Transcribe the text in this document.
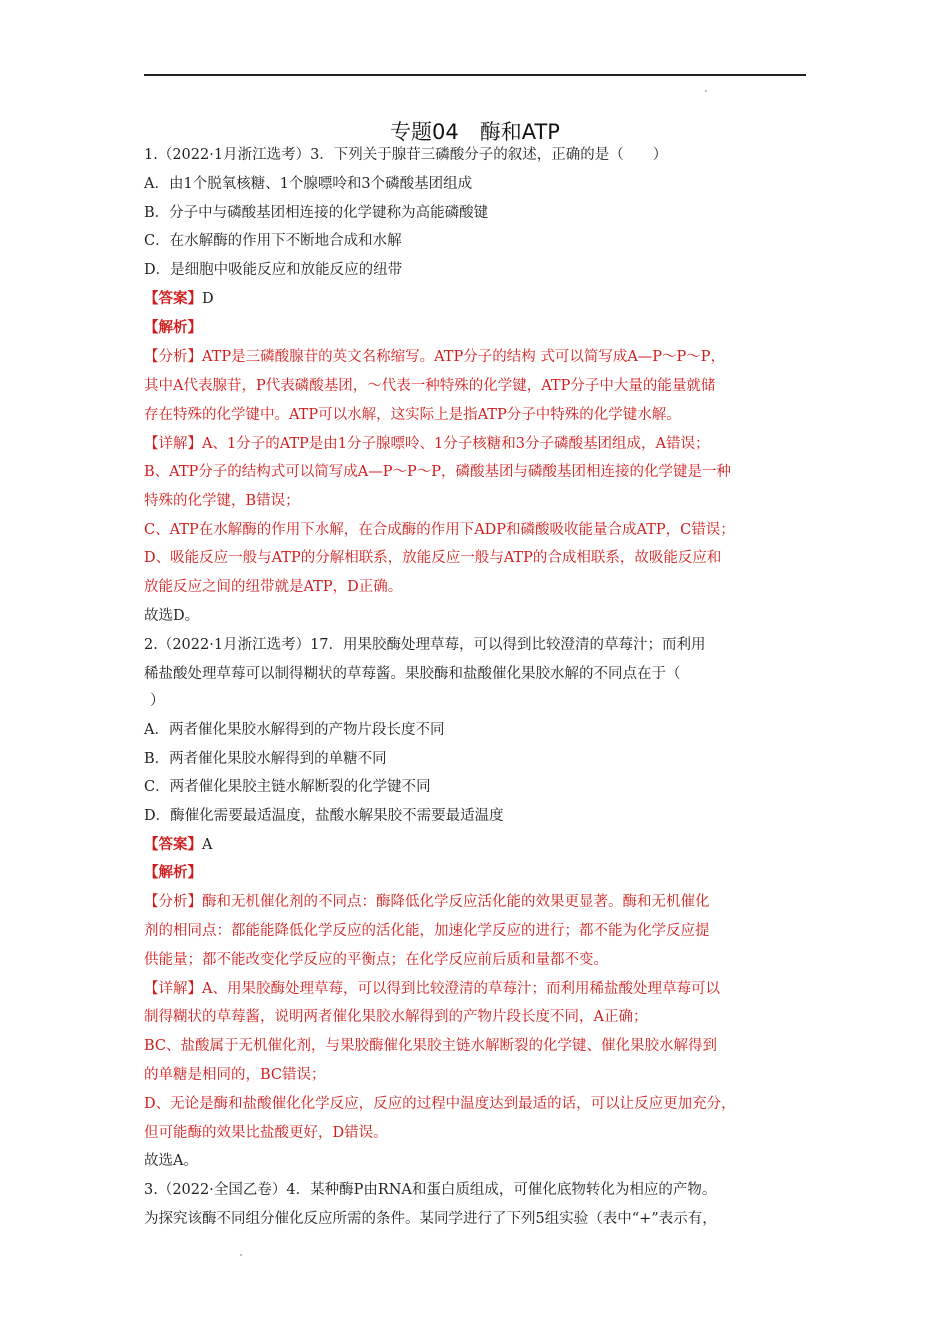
专题04　酶和ATP
1.（2022·1月浙江选考）3．下列关于腺苷三磷酸分子的叙述，正确的是（　　）
A．由1个脱氧核糖、1个腺嘌呤和3个磷酸基团组成
B．分子中与磷酸基团相连接的化学键称为高能磷酸键
C．在水解酶的作用下不断地合成和水解
D．是细胞中吸能反应和放能反应的纽带
【答案】D
【解析】
【分析】ATP是三磷酸腺苷的英文名称缩写。ATP分子的结构 式可以简写成A—P～P～P，
其中A代表腺苷，P代表磷酸基团，～代表一种特殊的化学键，ATP分子中大量的能量就储
存在特殊的化学键中。ATP可以水解，这实际上是指ATP分子中特殊的化学键水解。
【详解】A、1分子的ATP是由1分子腺嘌呤、1分子核糖和3分子磷酸基团组成，A错误；
B、ATP分子的结构式可以简写成A—P～P～P，磷酸基团与磷酸基团相连接的化学键是一种
特殊的化学键，B错误；
C、ATP在水解酶的作用下水解，在合成酶的作用下ADP和磷酸吸收能量合成ATP，C错误；
D、吸能反应一般与ATP的分解相联系，放能反应一般与ATP的合成相联系，故吸能反应和
放能反应之间的纽带就是ATP，D正确。
故选D。
2.（2022·1月浙江选考）17．用果胶酶处理草莓，可以得到比较澄清的草莓汁；而利用
稀盐酸处理草莓可以制得糊状的草莓酱。果胶酶和盐酸催化果胶水解的不同点在于（
）
A．两者催化果胶水解得到的产物片段长度不同
B．两者催化果胶水解得到的单糖不同
C．两者催化果胶主链水解断裂的化学键不同
D．酶催化需要最适温度，盐酸水解果胶不需要最适温度
【答案】A
【解析】
【分析】酶和无机催化剂的不同点：酶降低化学反应活化能的效果更显著。酶和无机催化
剂的相同点：都能能降低化学反应的活化能，加速化学反应的进行；都不能为化学反应提
供能量；都不能改变化学反应的平衡点；在化学反应前后质和量都不变。
【详解】A、用果胶酶处理草莓，可以得到比较澄清的草莓汁；而利用稀盐酸处理草莓可以
制得糊状的草莓酱，说明两者催化果胶水解得到的产物片段长度不同，A正确；
BC、盐酸属于无机催化剂，与果胶酶催化果胶主链水解断裂的化学键、催化果胶水解得到
的单糖是相同的，BC错误；
D、无论是酶和盐酸催化化学反应，反应的过程中温度达到最适的话，可以让反应更加充分，
但可能酶的效果比盐酸更好，D错误。
故选A。
3.（2022·全国乙卷）4．某种酶P由RNA和蛋白质组成，可催化底物转化为相应的产物。
为探究该酶不同组分催化反应所需的条件。某同学进行了下列5组实验（表中“+”表示有，
